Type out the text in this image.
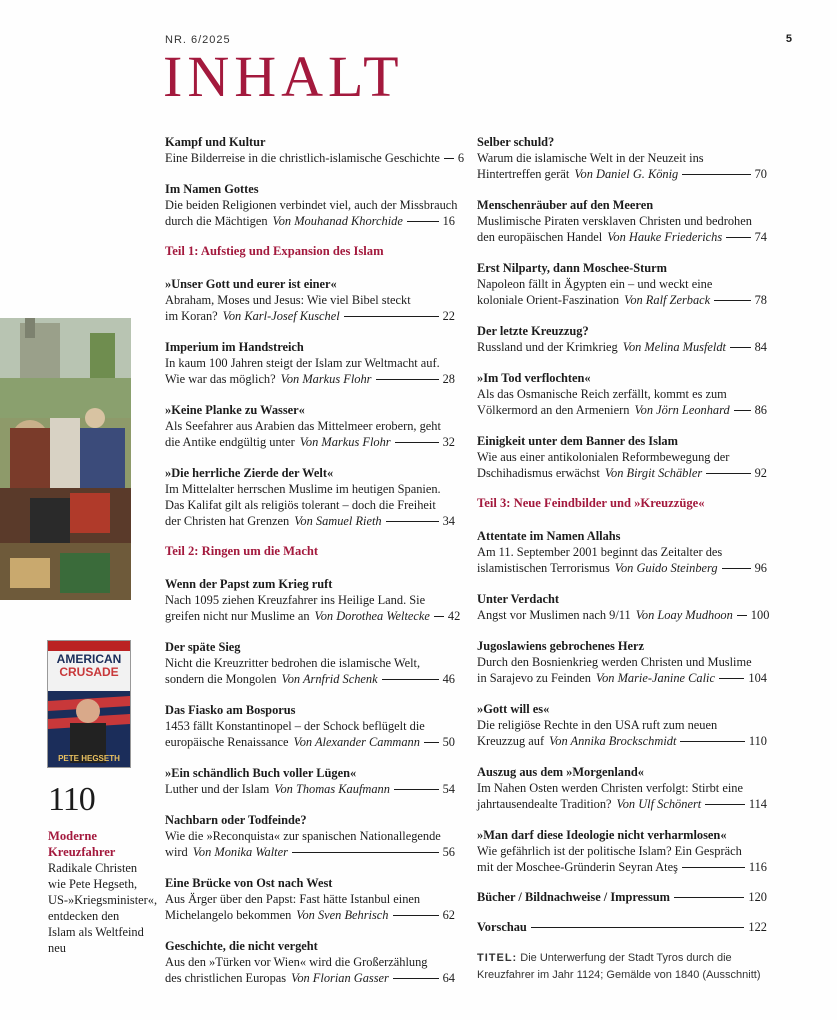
NR. 6/2025	5
INHALT
AMERICAN
CRUSADE
PETE HEGSETH
110
Moderne
Kreuzfahrer
Radikale Christen wie Pete Hegseth, US-»Kriegsminister«, entdecken den Islam als Weltfeind neu
Kampf und Kultur
Eine Bilderreise in die christlich-islamische Geschichte 6
Im Namen Gottes
Die beiden Religionen verbindet viel, auch der Missbrauch
durch die Mächtigen Von Mouhanad Khorchide	16
Teil 1: Aufstieg und Expansion des Islam
»Unser Gott und eurer ist einer«
Abraham, Moses und Jesus: Wie viel Bibel steckt
im Koran? Von Karl-Josef Kuschel	22
Imperium im Handstreich
In kaum 100 Jahren steigt der Islam zur Weltmacht auf.
Wie war das möglich? Von Markus Flohr	28
»Keine Planke zu Wasser«
Als Seefahrer aus Arabien das Mittelmeer erobern, geht
die Antike endgültig unter Von Markus Flohr	32
»Die herrliche Zierde der Welt«
Im Mittelalter herrschen Muslime im heutigen Spanien.
Das Kalifat gilt als religiös tolerant – doch die Freiheit
der Christen hat Grenzen Von Samuel Rieth	34
Teil 2: Ringen um die Macht
Wenn der Papst zum Krieg ruft
Nach 1095 ziehen Kreuzfahrer ins Heilige Land. Sie
greifen nicht nur Muslime an Von Dorothea Weltecke 42
Der späte Sieg
Nicht die Kreuzritter bedrohen die islamische Welt,
sondern die Mongolen Von Arnfrid Schenk	46
Das Fiasko am Bosporus
1453 fällt Konstantinopel – der Schock beflügelt die
europäische Renaissance Von Alexander Cammann 50
»Ein schändlich Buch voller Lügen«
Luther und der Islam Von Thomas Kaufmann	54
Nachbarn oder Todfeinde?
Wie die »Reconquista« zur spanischen Nationallegende
wird Von Monika Walter	56
Eine Brücke von Ost nach West
Aus Ärger über den Papst: Fast hätte Istanbul einen
Michelangelo bekommen Von Sven Behrisch	62
Geschichte, die nicht vergeht
Aus den »Türken vor Wien« wird die Großerzählung
des christlichen Europas Von Florian Gasser	64
Selber schuld?
Warum die islamische Welt in der Neuzeit ins
Hintertreffen gerät Von Daniel G. König	70
Menschenräuber auf den Meeren
Muslimische Piraten versklaven Christen und bedrohen
den europäischen Handel Von Hauke Friederichs	74
Erst Nilparty, dann Moschee-Sturm
Napoleon fällt in Ägypten ein – und weckt eine
koloniale Orient-Faszination Von Ralf Zerback	78
Der letzte Kreuzzug?
Russland und der Krimkrieg Von Melina Musfeldt 84
»Im Tod verflochten«
Als das Osmanische Reich zerfällt, kommt es zum
Völkermord an den Armeniern Von Jörn Leonhard 86
Einigkeit unter dem Banner des Islam
Wie aus einer antikolonialen Reformbewegung der
Dschihadismus erwächst Von Birgit Schäbler	92
Teil 3: Neue Feindbilder und »Kreuzzüge«
Attentate im Namen Allahs
Am 11. September 2001 beginnt das Zeitalter des
islamistischen Terrorismus Von Guido Steinberg	96
Unter Verdacht
Angst vor Muslimen nach 9/11 Von Loay Mudhoon 100
Jugoslawiens gebrochenes Herz
Durch den Bosnienkrieg werden Christen und Muslime
in Sarajevo zu Feinden Von Marie-Janine Calic	104
»Gott will es«
Die religiöse Rechte in den USA ruft zum neuen
Kreuzzug auf Von Annika Brockschmidt	110
Auszug aus dem »Morgenland«
Im Nahen Osten werden Christen verfolgt: Stirbt eine
jahrtausendealte Tradition? Von Ulf Schönert	114
»Man darf diese Ideologie nicht verharmlosen«
Wie gefährlich ist der politische Islam? Ein Gespräch
mit der Moschee-Gründerin Seyran Ateş	116
Bücher / Bildnachweise / Impressum	120
Vorschau	122
TITEL: Die Unterwerfung der Stadt Tyros durch die Kreuzfahrer im Jahr 1124; Gemälde von 1840 (Ausschnitt)
